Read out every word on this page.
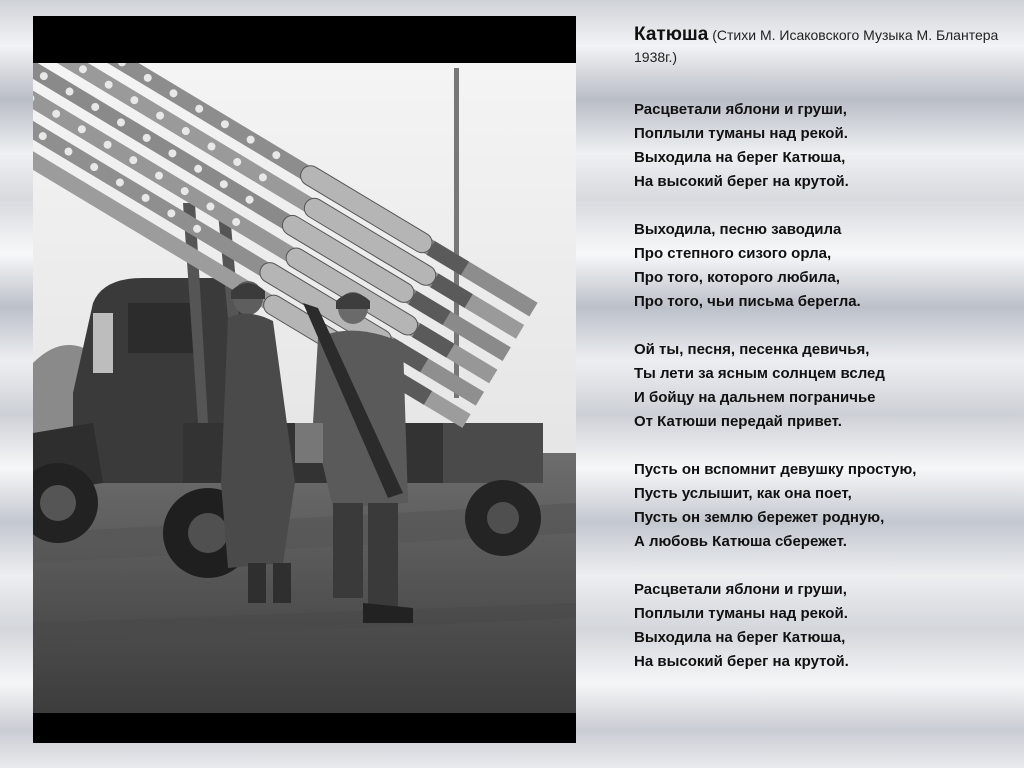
Катюша (Стихи М. Исаковского Музыка М. Блантера 1938г.)
Расцветали яблони и груши,
Поплыли туманы над рекой.
Выходила на берег Катюша,
На высокий берег на крутой.
Выходила, песню заводила
Про степного сизого орла,
Про того, которого любила,
Про того, чьи письма берегла.
Ой ты, песня, песенка девичья,
Ты лети за ясным солнцем вслед
И бойцу на дальнем пограничье
От Катюши передай привет.
Пусть он вспомнит девушку простую,
Пусть услышит, как она поет,
Пусть он землю бережет родную,
А любовь Катюша сбережет.
Расцветали яблони и груши,
Поплыли туманы над рекой.
Выходила на берег Катюша,
На высокий берег на крутой.
